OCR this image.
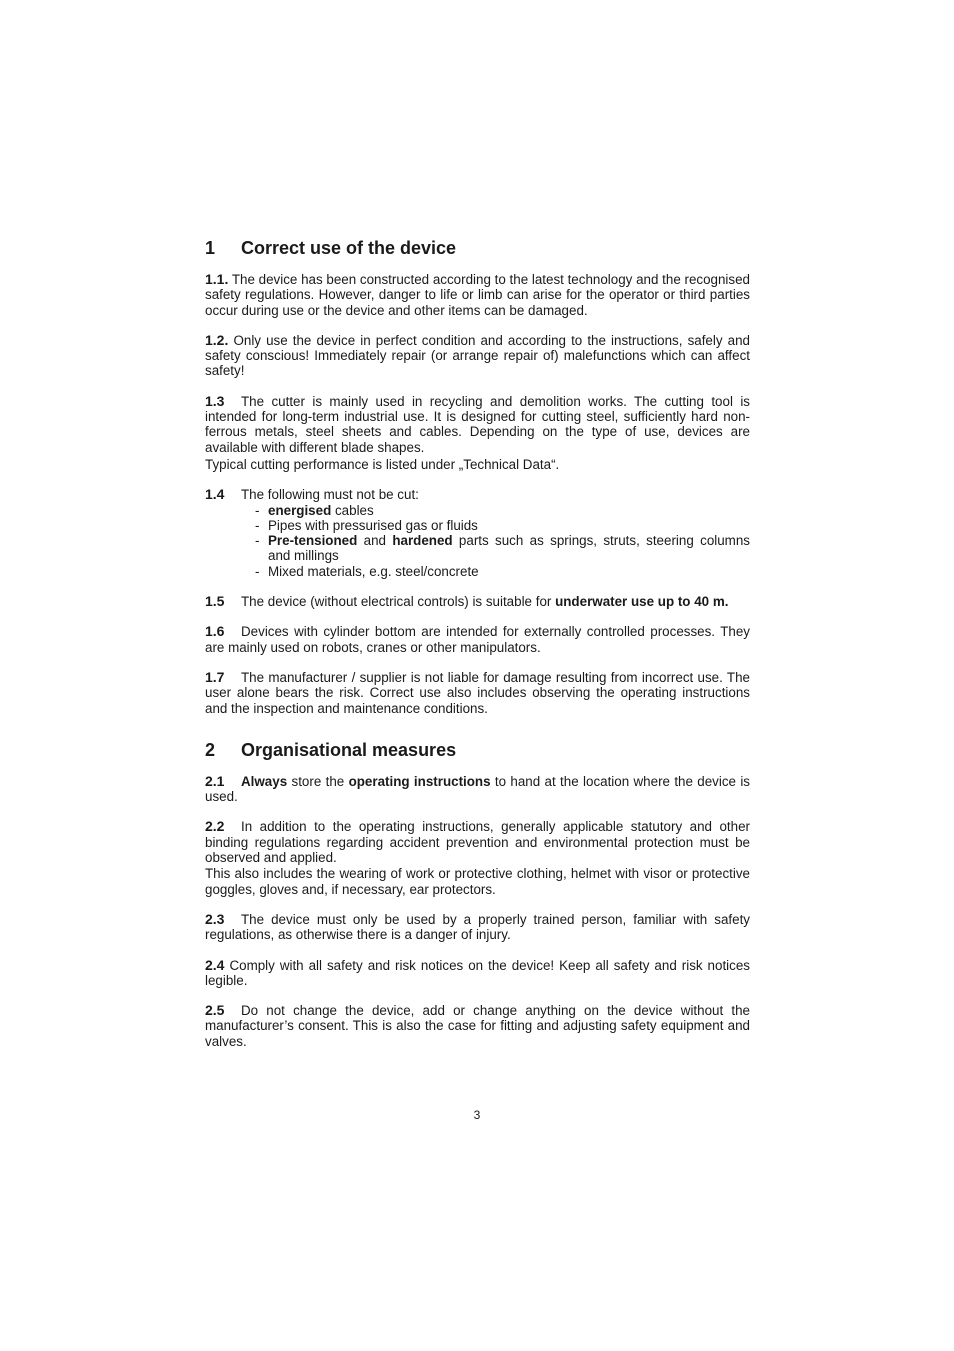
1 Correct use of the device

1.1. The device has been constructed according to the latest technology and the recognised safety regulations. However, danger to life or limb can arise for the operator or third parties occur during use or the device and other items can be damaged.

1.2. Only use the device in perfect condition and according to the instructions, safely and safety conscious! Immediately repair (or arrange repair of) malefunctions which can affect safety!

1.3 The cutter is mainly used in recycling and demolition works. The cutting tool is intended for long-term industrial use. It is designed for cutting steel, sufficiently hard non-ferrous metals, steel sheets and cables. Depending on the type of use, devices are available with different blade shapes.

Typical cutting performance is listed under „Technical Data“.

1.4 The following must not be cut:

- energised cables
- Pipes with pressurised gas or fluids
- Pre-tensioned and hardened parts such as springs, struts, steering columns and millings
- Mixed materials, e.g. steel/concrete

1.5 The device (without electrical controls) is suitable for underwater use up to 40 m.

1.6 Devices with cylinder bottom are intended for externally controlled processes. They are mainly used on robots, cranes or other manipulators.

1.7 The manufacturer / supplier is not liable for damage resulting from incorrect use. The user alone bears the risk. Correct use also includes observing the operating instructions and the inspection and maintenance conditions.

2 Organisational measures

2.1 Always store the operating instructions to hand at the location where the device is used.

2.2 In addition to the operating instructions, generally applicable statutory and other binding regulations regarding accident prevention and environmental protection must be observed and applied.

This also includes the wearing of work or protective clothing, helmet with visor or protective goggles, gloves and, if necessary, ear protectors.

2.3 The device must only be used by a properly trained person, familiar with safety regulations, as otherwise there is a danger of injury.

2.4 Comply with all safety and risk notices on the device! Keep all safety and risk notices legible.

2.5 Do not change the device, add or change anything on the device without the manufacturer’s consent. This is also the case for fitting and adjusting safety equipment and valves.

3
